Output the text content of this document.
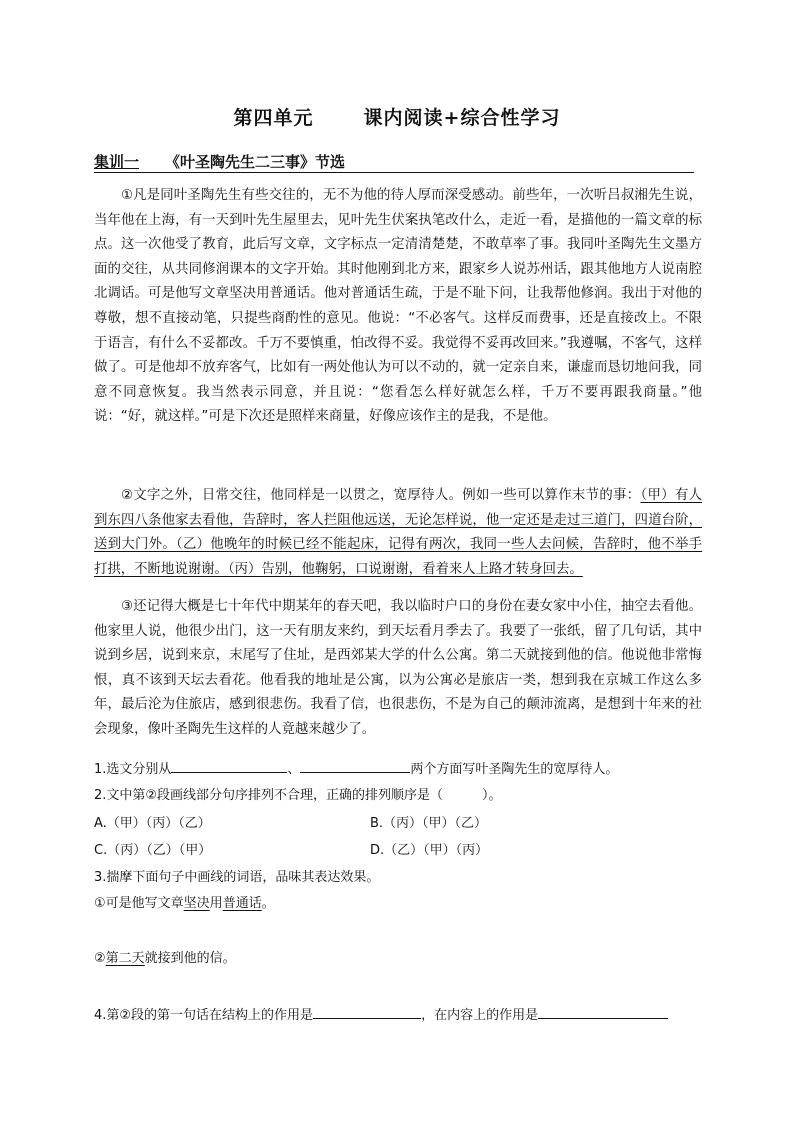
第四单元	课内阅读+综合性学习
集训一 《叶圣陶先生二三事》节选

①凡是同叶圣陶先生有些交往的，无不为他的待人厚而深受感动。前些年，一次听吕叔湘先生说，当年他在上海，有一天到叶先生屋里去，见叶先生伏案执笔改什么，走近一看，是描他的一篇文章的标点。这一次他受了教育，此后写文章，文字标点一定清清楚楚，不敢草率了事。我同叶圣陶先生文墨方面的交往，从共同修润课本的文字开始。其时他刚到北方来，跟家乡人说苏州话，跟其他地方人说南腔北调话。可是他写文章坚决用普通话。他对普通话生疏，于是不耻下问，让我帮他修润。我出于对他的尊敬，想不直接动笔，只提些商酌性的意见。他说：“不必客气。这样反而费事，还是直接改上。不限于语言，有什么不妥都改。千万不要慎重，怕改得不妥。我觉得不妥再改回来。”我遵嘱，不客气，这样做了。可是他却不放弃客气，比如有一两处他认为可以不动的，就一定亲自来，谦虚而恳切地问我，同意不同意恢复。我当然表示同意，并且说：“您看怎么样好就怎么样，千万不要再跟我商量。”他说：“好，就这样。”可是下次还是照样来商量，好像应该作主的是我，不是他。

②文字之外，日常交往，他同样是一以贯之，宽厚待人。例如一些可以算作末节的事：（甲）有人到东四八条他家去看他，告辞时，客人拦阻他远送，无论怎样说，他一定还是走过三道门，四道台阶，送到大门外。（乙）他晚年的时候已经不能起床，记得有两次，我同一些人去问候，告辞时，他不举手打拱，不断地说谢谢。（丙）告别，他鞠躬，口说谢谢，看着来人上路才转身回去。

③还记得大概是七十年代中期某年的春天吧，我以临时户口的身份在妻女家中小住，抽空去看他。他家里人说，他很少出门，这一天有朋友来约，到天坛看月季去了。我要了一张纸，留了几句话，其中说到乡居，说到来京，末尾写了住址，是西郊某大学的什么公寓。第二天就接到他的信。他说他非常悔恨，真不该到天坛去看花。他看我的地址是公寓，以为公寓必是旅店一类，想到我在京城工作这么多年，最后沦为住旅店，感到很悲伤。我看了信，也很悲伤，不是为自己的颠沛流离，是想到十年来的社会现象，像叶圣陶先生这样的人竟越来越少了。

1.选文分别从	、	两个方面写叶圣陶先生的宽厚待人。
2.文中第②段画线部分句序排列不合理，正确的排列顺序是（　　　）。
A.（甲）（丙）（乙）	B.（丙）（甲）（乙）
C.（丙）（乙）（甲）	D.（乙）（甲）（丙）
3.揣摩下面句子中画线的词语，品味其表达效果。
①可是他写文章坚决用普通话。
②第二天就接到他的信。
4.第②段的第一句话在结构上的作用是	，在内容上的作用是
